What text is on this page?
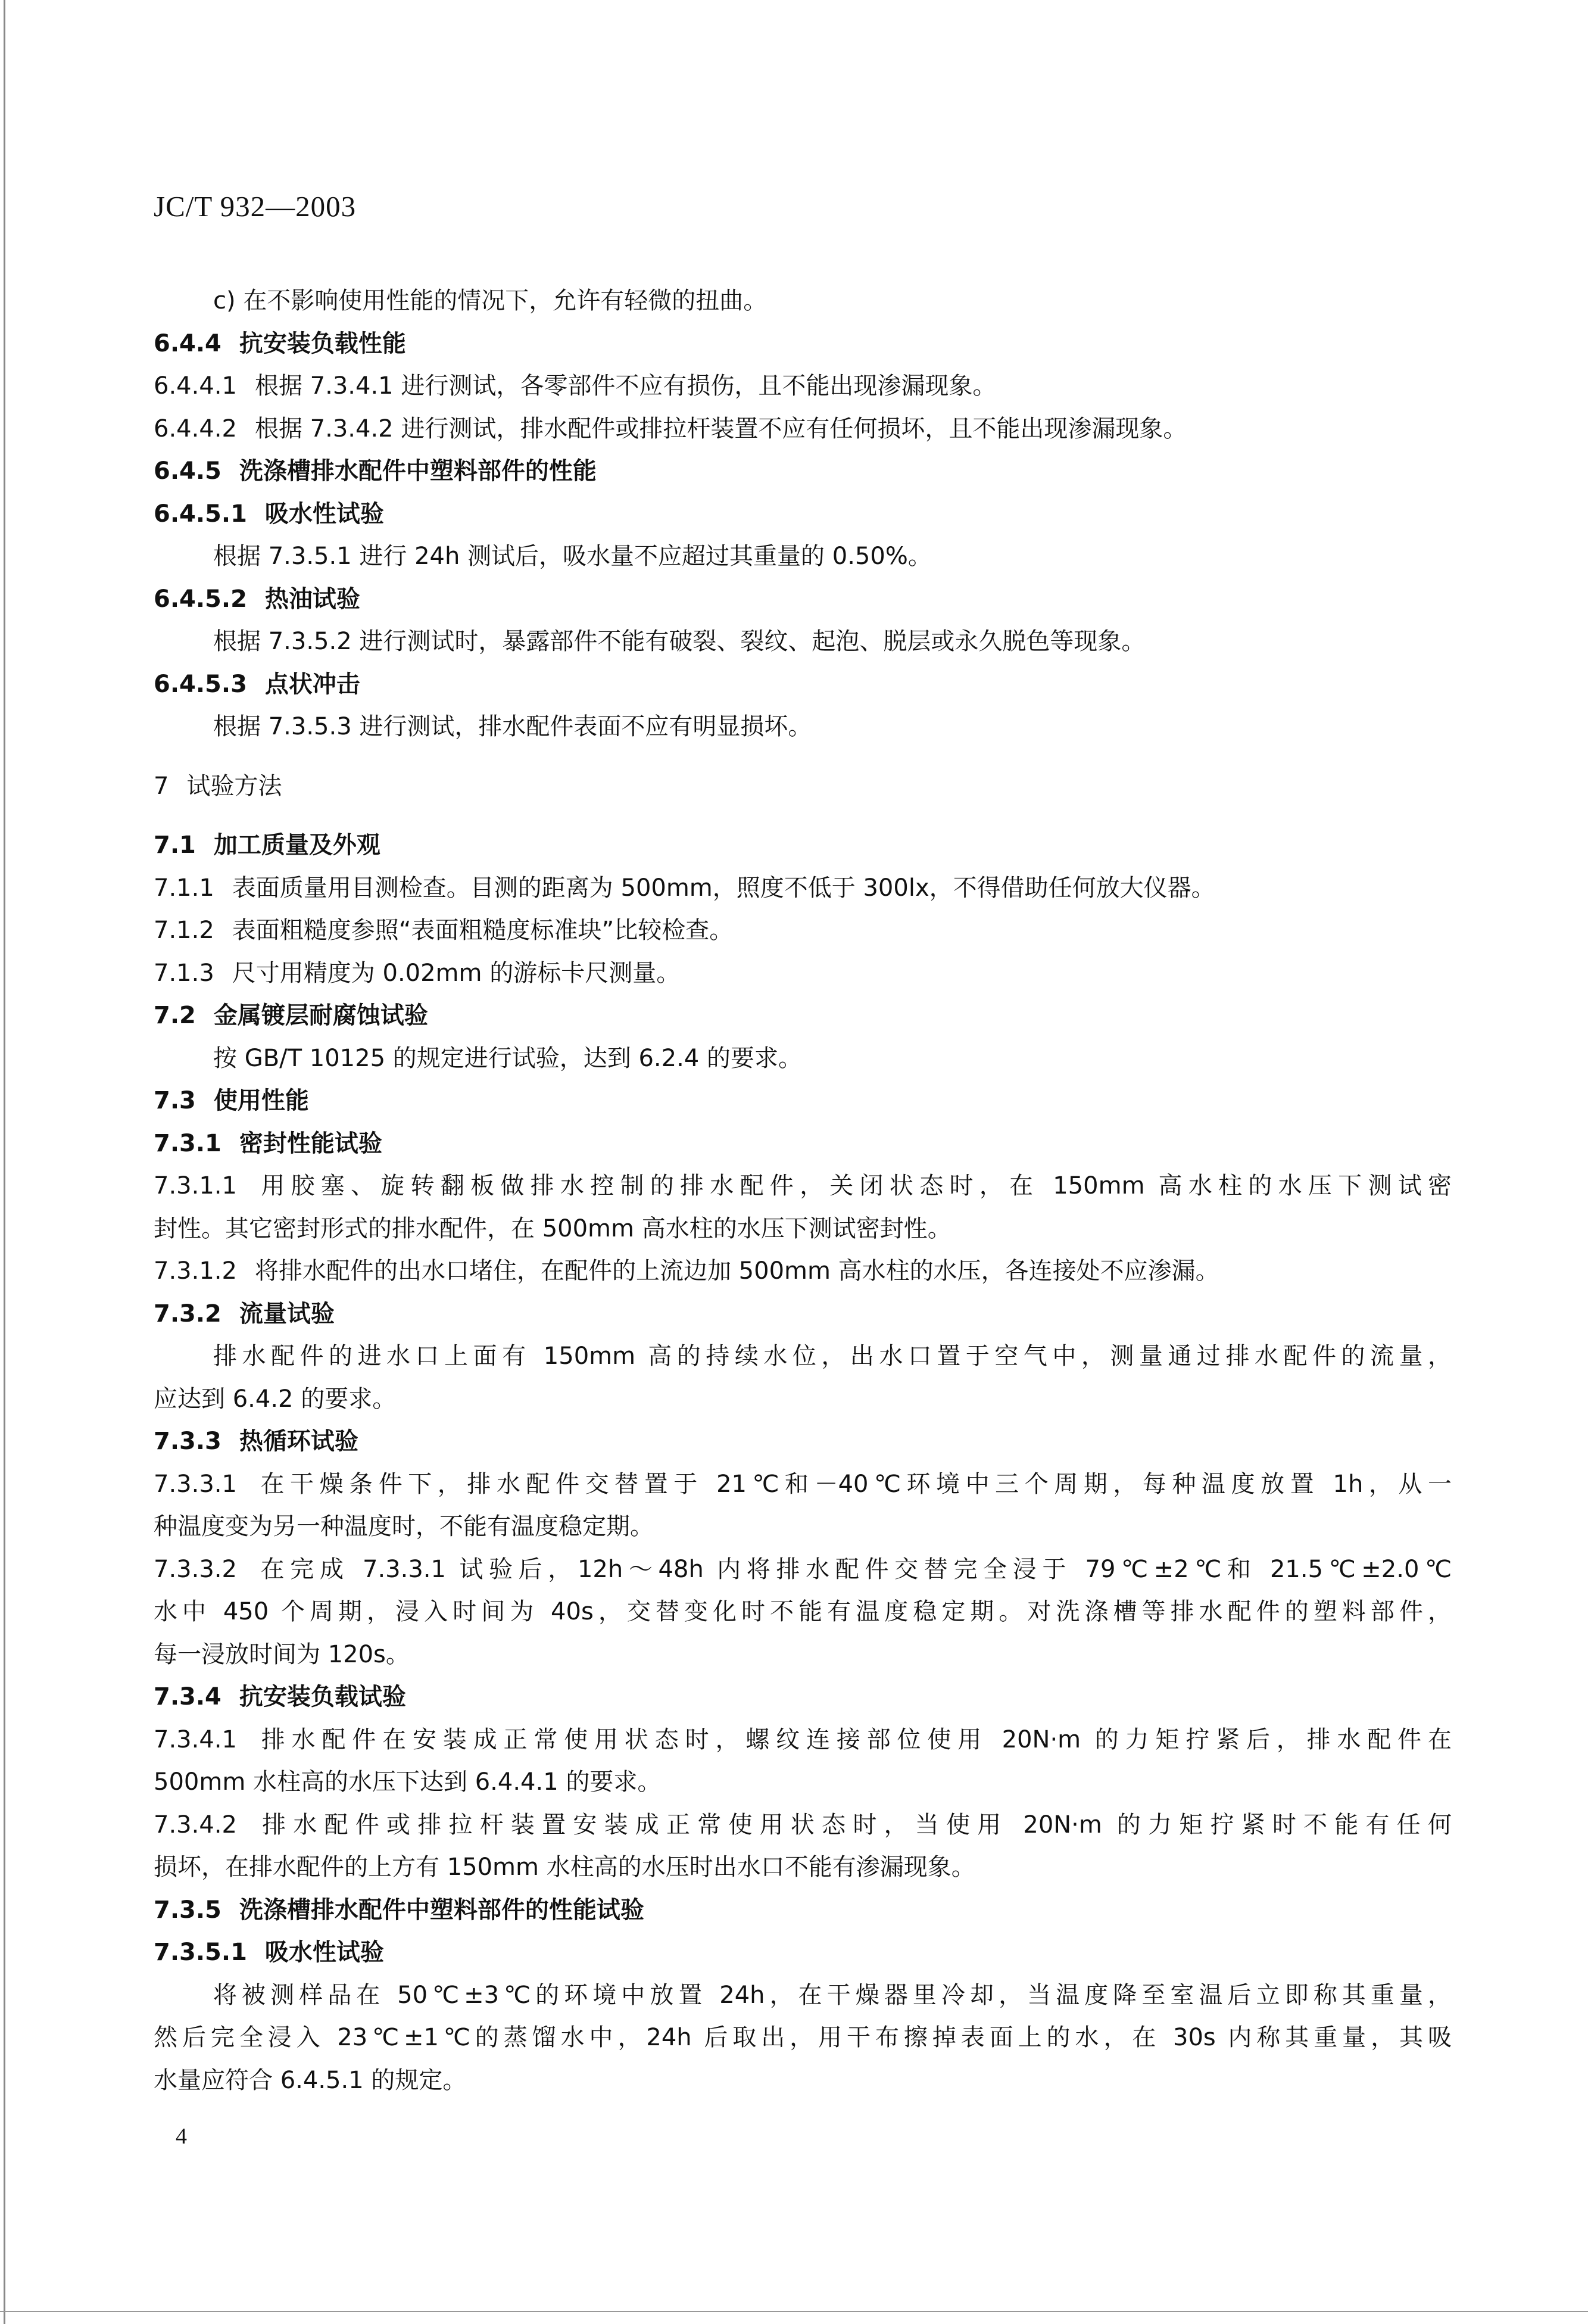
JC/T 932—2003
c) 在不影响使用性能的情况下，允许有轻微的扭曲。
6.4.4 抗安装负载性能
6.4.4.1 根据 7.3.4.1 进行测试，各零部件不应有损伤，且不能出现渗漏现象。
6.4.4.2 根据 7.3.4.2 进行测试，排水配件或排拉杆装置不应有任何损坏，且不能出现渗漏现象。
6.4.5 洗涤槽排水配件中塑料部件的性能
6.4.5.1 吸水性试验
根据 7.3.5.1 进行 24h 测试后，吸水量不应超过其重量的 0.50%。
6.4.5.2 热油试验
根据 7.3.5.2 进行测试时，暴露部件不能有破裂、裂纹、起泡、脱层或永久脱色等现象。
6.4.5.3 点状冲击
根据 7.3.5.3 进行测试，排水配件表面不应有明显损坏。
7 试验方法
7.1 加工质量及外观
7.1.1 表面质量用目测检查。目测的距离为 500mm，照度不低于 300lx，不得借助任何放大仪器。
7.1.2 表面粗糙度参照“表面粗糙度标准块”比较检查。
7.1.3 尺寸用精度为 0.02mm 的游标卡尺测量。
7.2 金属镀层耐腐蚀试验
按 GB/T 10125 的规定进行试验，达到 6.2.4 的要求。
7.3 使用性能
7.3.1 密封性能试验
7.3.1.1 用胶塞、旋转翻板做排水控制的排水配件，关闭状态时，在 150mm 高水柱的水压下测试密
封性。其它密封形式的排水配件，在 500mm 高水柱的水压下测试密封性。
7.3.1.2 将排水配件的出水口堵住，在配件的上流边加 500mm 高水柱的水压，各连接处不应渗漏。
7.3.2 流量试验
排水配件的进水口上面有 150mm 高的持续水位，出水口置于空气中，测量通过排水配件的流量，
应达到 6.4.2 的要求。
7.3.3 热循环试验
7.3.3.1 在干燥条件下，排水配件交替置于 21℃和－40℃环境中三个周期，每种温度放置 1h，从一
种温度变为另一种温度时，不能有温度稳定期。
7.3.3.2 在完成 7.3.3.1 试验后，12h～48h 内将排水配件交替完全浸于 79℃±2℃和 21.5℃±2.0℃
水中 450 个周期，浸入时间为 40s，交替变化时不能有温度稳定期。对洗涤槽等排水配件的塑料部件，
每一浸放时间为 120s。
7.3.4 抗安装负载试验
7.3.4.1 排水配件在安装成正常使用状态时，螺纹连接部位使用 20N·m 的力矩拧紧后，排水配件在
500mm 水柱高的水压下达到 6.4.4.1 的要求。
7.3.4.2 排水配件或排拉杆装置安装成正常使用状态时，当使用 20N·m 的力矩拧紧时不能有任何
损坏，在排水配件的上方有 150mm 水柱高的水压时出水口不能有渗漏现象。
7.3.5 洗涤槽排水配件中塑料部件的性能试验
7.3.5.1 吸水性试验
将被测样品在 50℃±3℃的环境中放置 24h，在干燥器里冷却，当温度降至室温后立即称其重量，
然后完全浸入 23℃±1℃的蒸馏水中，24h 后取出，用干布擦掉表面上的水，在 30s 内称其重量，其吸
水量应符合 6.4.5.1 的规定。
4
